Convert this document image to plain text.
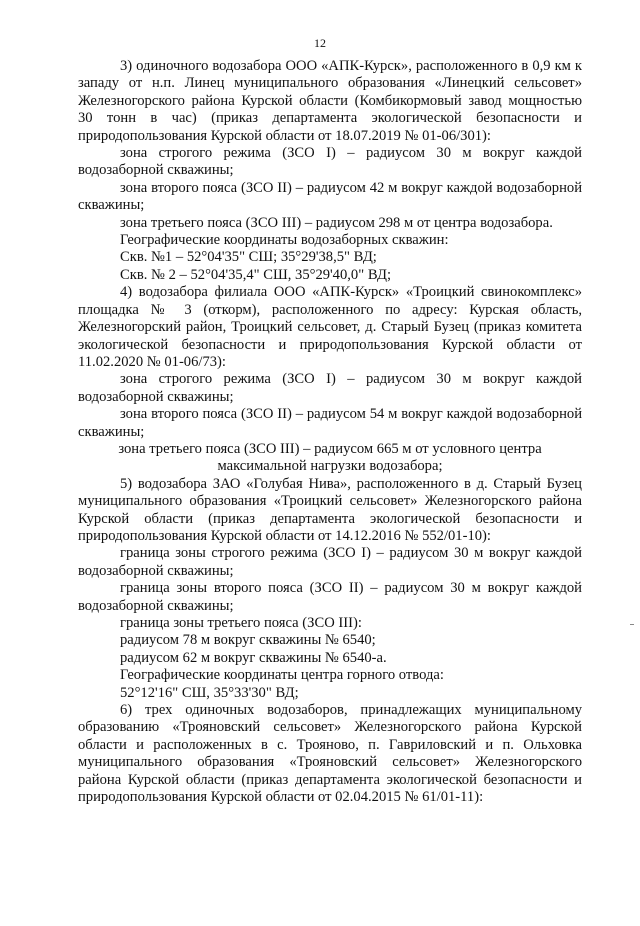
12

3) одиночного водозабора ООО «АПК-Курск», расположенного в 0,9 км к западу от н.п. Линец муниципального образования «Линецкий сельсовет» Железногорского района Курской области (Комбикормовый завод мощностью 30 тонн в час) (приказ департамента экологической безопасности и природопользования Курской области от 18.07.2019 № 01-06/301):

зона строгого режима (ЗСО I) – радиусом 30 м вокруг каждой водозаборной скважины;

зона второго пояса (ЗСО II) – радиусом 42 м вокруг каждой водозаборной скважины;

зона третьего пояса (ЗСО III) – радиусом 298 м от центра водозабора.

Географические координаты водозаборных скважин:

Скв. №1 – 52°04'35" СШ; 35°29'38,5" ВД;

Скв. № 2 – 52°04'35,4" СШ, 35°29'40,0" ВД;

4) водозабора филиала ООО «АПК-Курск» «Троицкий свинокомплекс» площадка № 3 (откорм), расположенного по адресу: Курская область, Железногорский район, Троицкий сельсовет, д. Старый Бузец (приказ комитета экологической безопасности и природопользования Курской области от 11.02.2020 № 01-06/73):

зона строгого режима (ЗСО I) – радиусом 30 м вокруг каждой водозаборной скважины;

зона второго пояса (ЗСО II) – радиусом 54 м вокруг каждой водозаборной скважины;

зона третьего пояса (ЗСО III) – радиусом 665 м от условного центра максимальной нагрузки водозабора;

5) водозабора ЗАО «Голубая Нива», расположенного в д. Старый Бузец муниципального образования «Троицкий сельсовет» Железногорского района Курской области (приказ департамента экологической безопасности и природопользования Курской области от 14.12.2016 № 552/01-10):

граница зоны строгого режима (ЗСО I) – радиусом 30 м вокруг каждой водозаборной скважины;

граница зоны второго пояса (ЗСО II) – радиусом 30 м вокруг каждой водозаборной скважины;

граница зоны третьего пояса (ЗСО III):

радиусом 78 м вокруг скважины № 6540;

радиусом 62 м вокруг скважины № 6540-а.

Географические координаты центра горного отвода:

52°12'16" СШ, 35°33'30" ВД;

6) трех одиночных водозаборов, принадлежащих муниципальному образованию «Трояновский сельсовет» Железногорского района Курской области и расположенных в с. Трояново, п. Гавриловский и п. Ольховка муниципального образования «Трояновский сельсовет» Железногорского района Курской области (приказ департамента экологической безопасности и природопользования Курской области от 02.04.2015 № 61/01-11):
